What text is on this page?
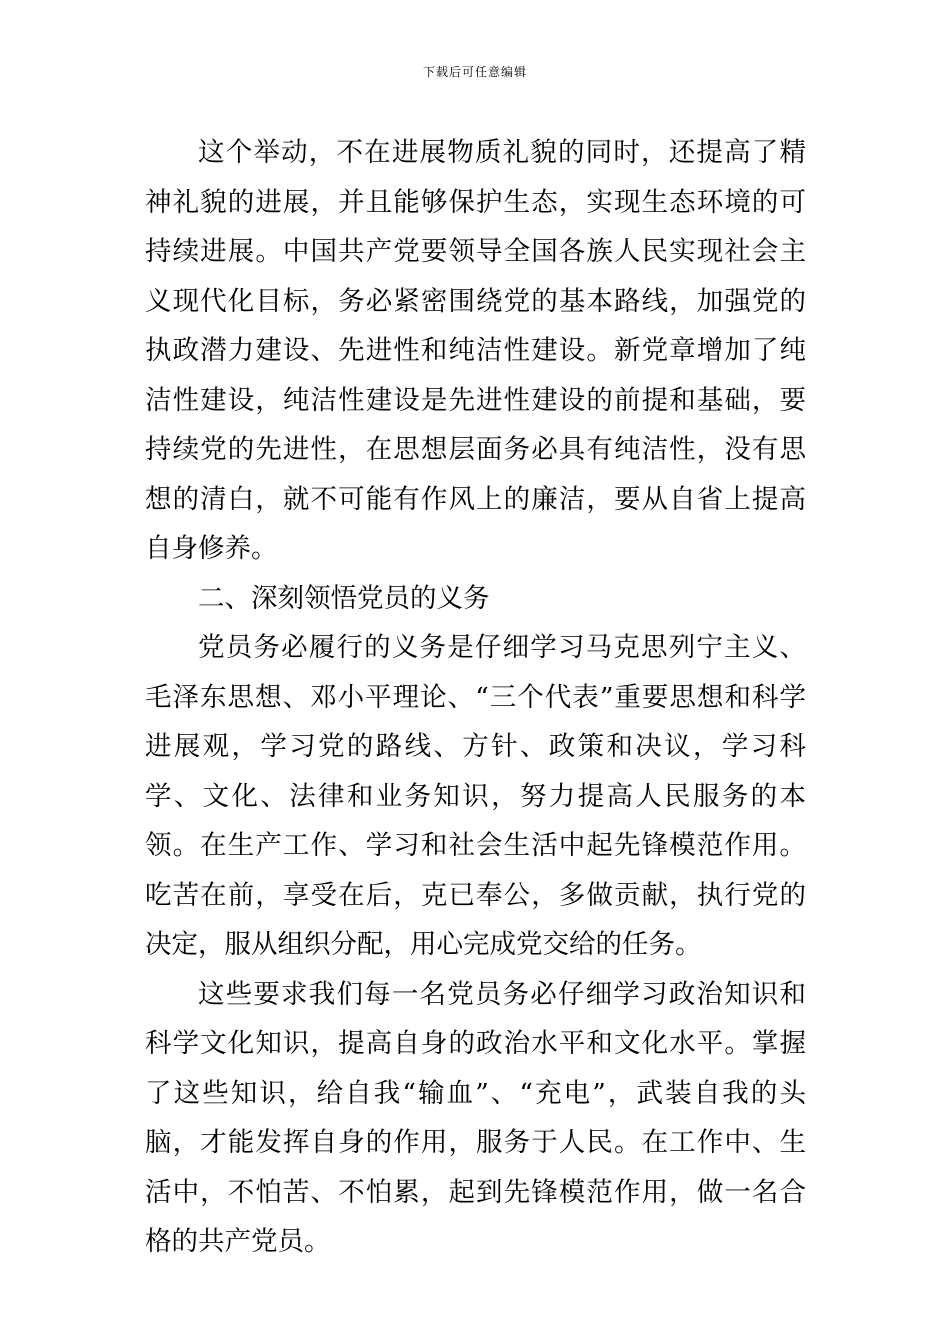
下载后可任意编辑

这个举动，不在进展物质礼貌的同时，还提高了精神礼貌的进展，并且能够保护生态，实现生态环境的可持续进展。中国共产党要领导全国各族人民实现社会主义现代化目标，务必紧密围绕党的基本路线，加强党的执政潜力建设、先进性和纯洁性建设。新党章增加了纯洁性建设，纯洁性建设是先进性建设的前提和基础，要持续党的先进性，在思想层面务必具有纯洁性，没有思想的清白，就不可能有作风上的廉洁，要从自省上提高自身修养。

二、深刻领悟党员的义务

党员务必履行的义务是仔细学习马克思列宁主义、毛泽东思想、邓小平理论、“三个代表”重要思想和科学进展观，学习党的路线、方针、政策和决议，学习科学、文化、法律和业务知识，努力提高人民服务的本领。在生产工作、学习和社会生活中起先锋模范作用。吃苦在前，享受在后，克已奉公，多做贡献，执行党的决定，服从组织分配，用心完成党交给的任务。

这些要求我们每一名党员务必仔细学习政治知识和科学文化知识，提高自身的政治水平和文化水平。掌握了这些知识，给自我“输血”、“充电”，武装自我的头脑，才能发挥自身的作用，服务于人民。在工作中、生活中，不怕苦、不怕累，起到先锋模范作用，做一名合格的共产党员。
